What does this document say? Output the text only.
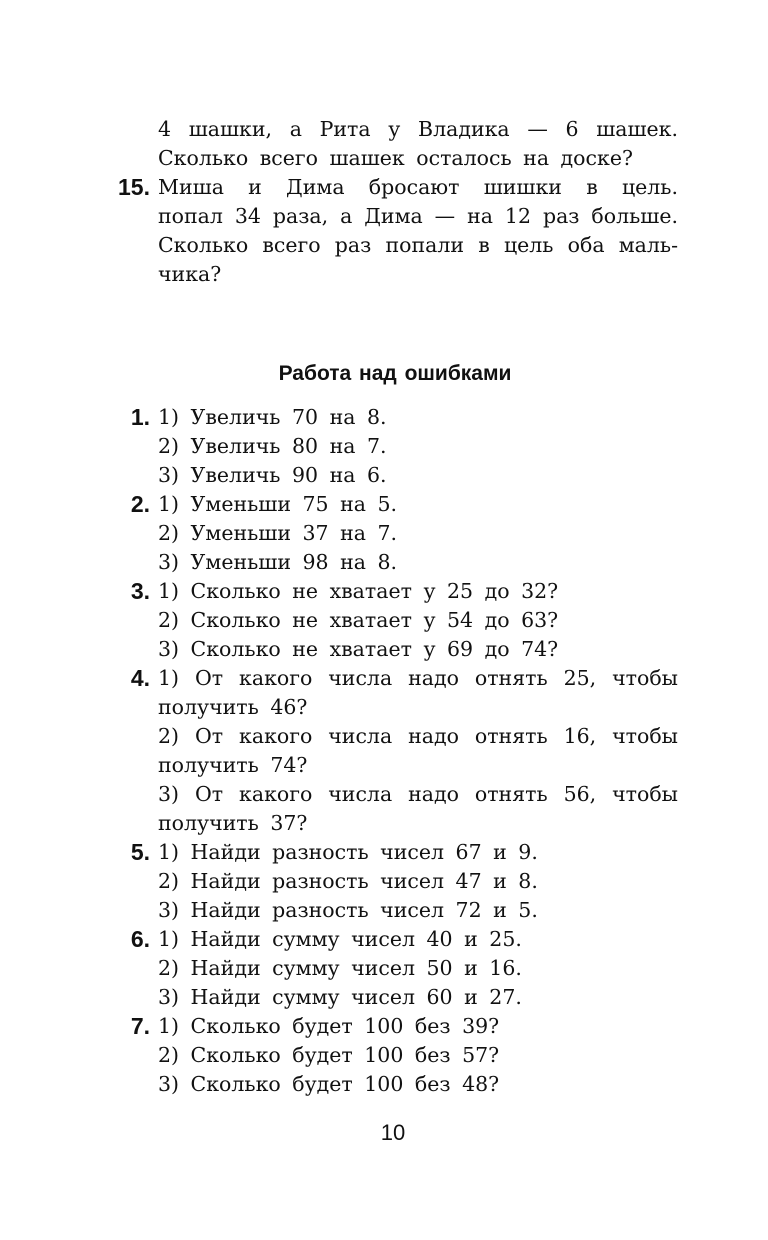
4 шашки, а Рита у Владика — 6 шашек.
Сколько всего шашек осталось на доске?
15. Миша и Дима бросают шишки в цель.
попал 34 раза, а Дима — на 12 раз больше.
Сколько всего раз попали в цель оба маль-
чика?
Работа над ошибками
1. 1) Увеличь 70 на 8.
2) Увеличь 80 на 7.
3) Увеличь 90 на 6.
2. 1) Уменьши 75 на 5.
2) Уменьши 37 на 7.
3) Уменьши 98 на 8.
3. 1) Сколько не хватает у 25 до 32?
2) Сколько не хватает у 54 до 63?
3) Сколько не хватает у 69 до 74?
4. 1) От какого числа надо отнять 25, чтобы
получить 46?
2) От какого числа надо отнять 16, чтобы
получить 74?
3) От какого числа надо отнять 56, чтобы
получить 37?
5. 1) Найди разность чисел 67 и 9.
2) Найди разность чисел 47 и 8.
3) Найди разность чисел 72 и 5.
6. 1) Найди сумму чисел 40 и 25.
2) Найди сумму чисел 50 и 16.
3) Найди сумму чисел 60 и 27.
7. 1) Сколько будет 100 без 39?
2) Сколько будет 100 без 57?
3) Сколько будет 100 без 48?
10
